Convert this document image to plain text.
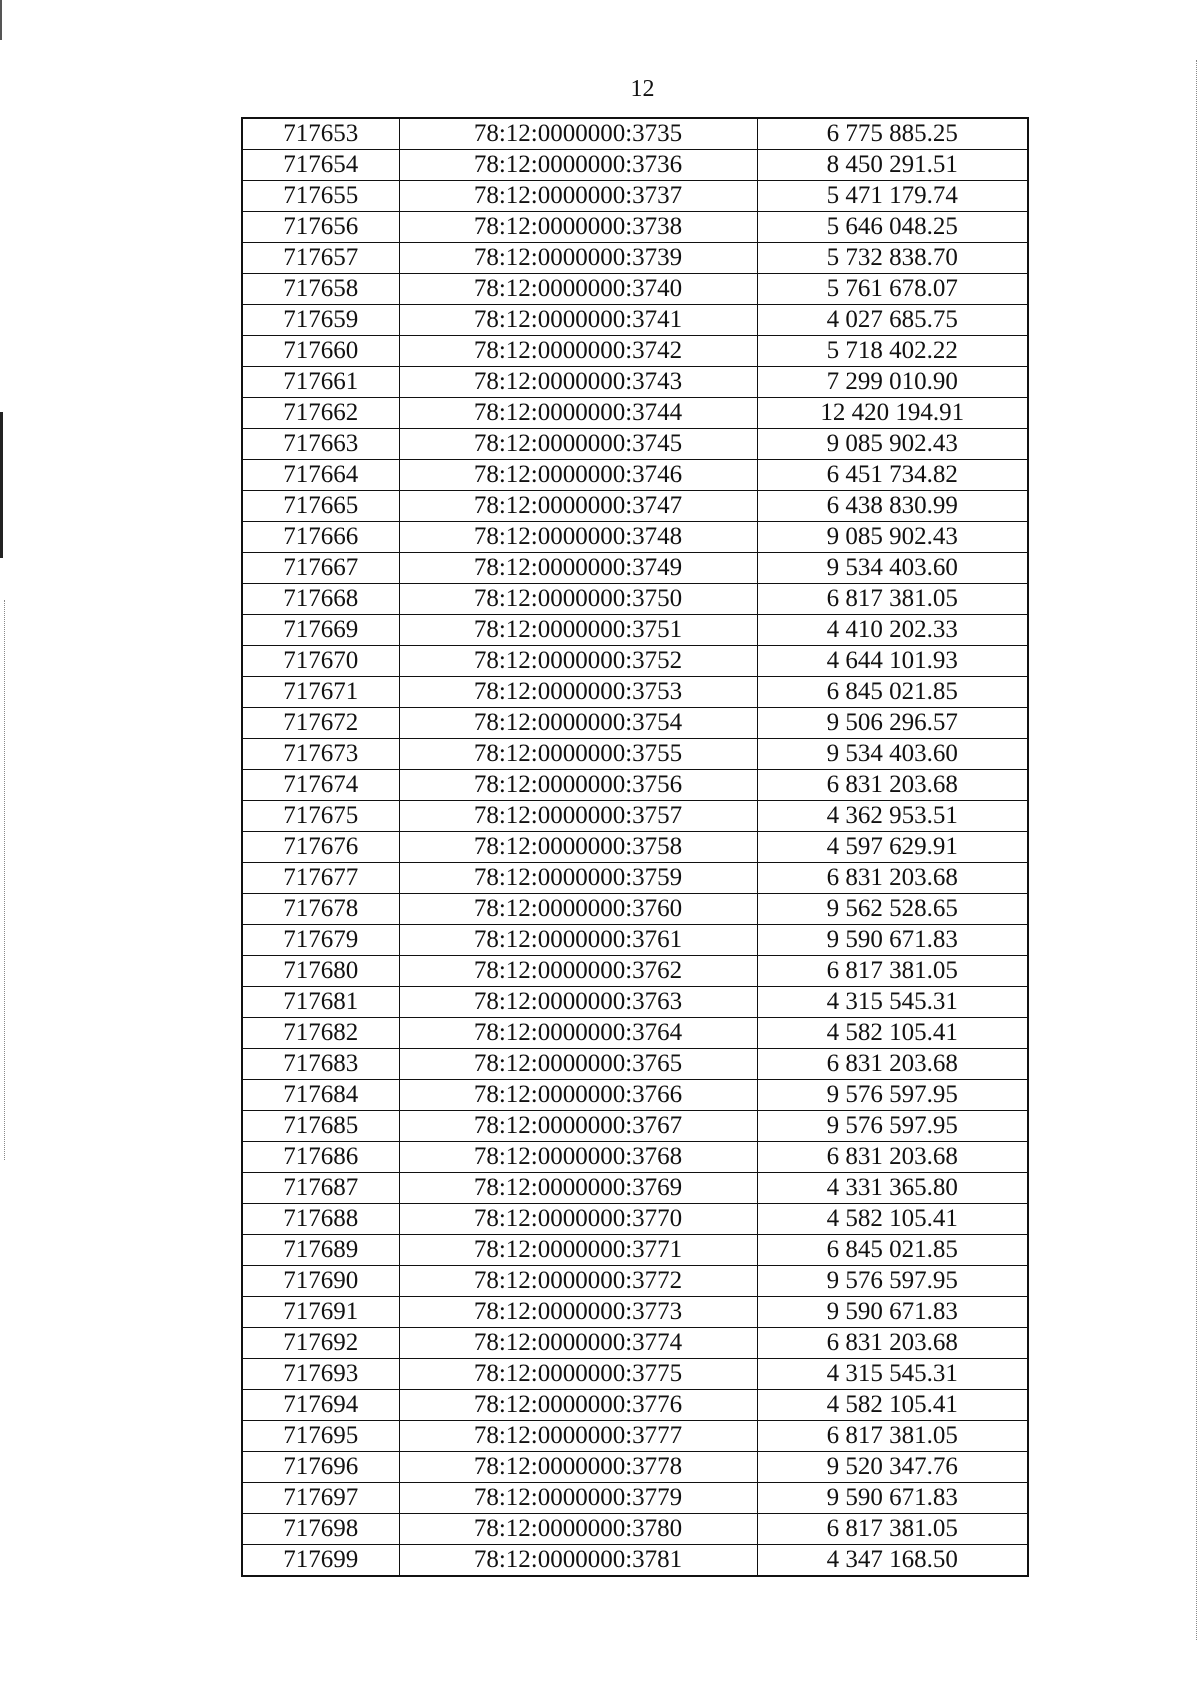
12
717653	78:12:0000000:3735	6 775 885.25
717654	78:12:0000000:3736	8 450 291.51
717655	78:12:0000000:3737	5 471 179.74
717656	78:12:0000000:3738	5 646 048.25
717657	78:12:0000000:3739	5 732 838.70
717658	78:12:0000000:3740	5 761 678.07
717659	78:12:0000000:3741	4 027 685.75
717660	78:12:0000000:3742	5 718 402.22
717661	78:12:0000000:3743	7 299 010.90
717662	78:12:0000000:3744	12 420 194.91
717663	78:12:0000000:3745	9 085 902.43
717664	78:12:0000000:3746	6 451 734.82
717665	78:12:0000000:3747	6 438 830.99
717666	78:12:0000000:3748	9 085 902.43
717667	78:12:0000000:3749	9 534 403.60
717668	78:12:0000000:3750	6 817 381.05
717669	78:12:0000000:3751	4 410 202.33
717670	78:12:0000000:3752	4 644 101.93
717671	78:12:0000000:3753	6 845 021.85
717672	78:12:0000000:3754	9 506 296.57
717673	78:12:0000000:3755	9 534 403.60
717674	78:12:0000000:3756	6 831 203.68
717675	78:12:0000000:3757	4 362 953.51
717676	78:12:0000000:3758	4 597 629.91
717677	78:12:0000000:3759	6 831 203.68
717678	78:12:0000000:3760	9 562 528.65
717679	78:12:0000000:3761	9 590 671.83
717680	78:12:0000000:3762	6 817 381.05
717681	78:12:0000000:3763	4 315 545.31
717682	78:12:0000000:3764	4 582 105.41
717683	78:12:0000000:3765	6 831 203.68
717684	78:12:0000000:3766	9 576 597.95
717685	78:12:0000000:3767	9 576 597.95
717686	78:12:0000000:3768	6 831 203.68
717687	78:12:0000000:3769	4 331 365.80
717688	78:12:0000000:3770	4 582 105.41
717689	78:12:0000000:3771	6 845 021.85
717690	78:12:0000000:3772	9 576 597.95
717691	78:12:0000000:3773	9 590 671.83
717692	78:12:0000000:3774	6 831 203.68
717693	78:12:0000000:3775	4 315 545.31
717694	78:12:0000000:3776	4 582 105.41
717695	78:12:0000000:3777	6 817 381.05
717696	78:12:0000000:3778	9 520 347.76
717697	78:12:0000000:3779	9 590 671.83
717698	78:12:0000000:3780	6 817 381.05
717699	78:12:0000000:3781	4 347 168.50
